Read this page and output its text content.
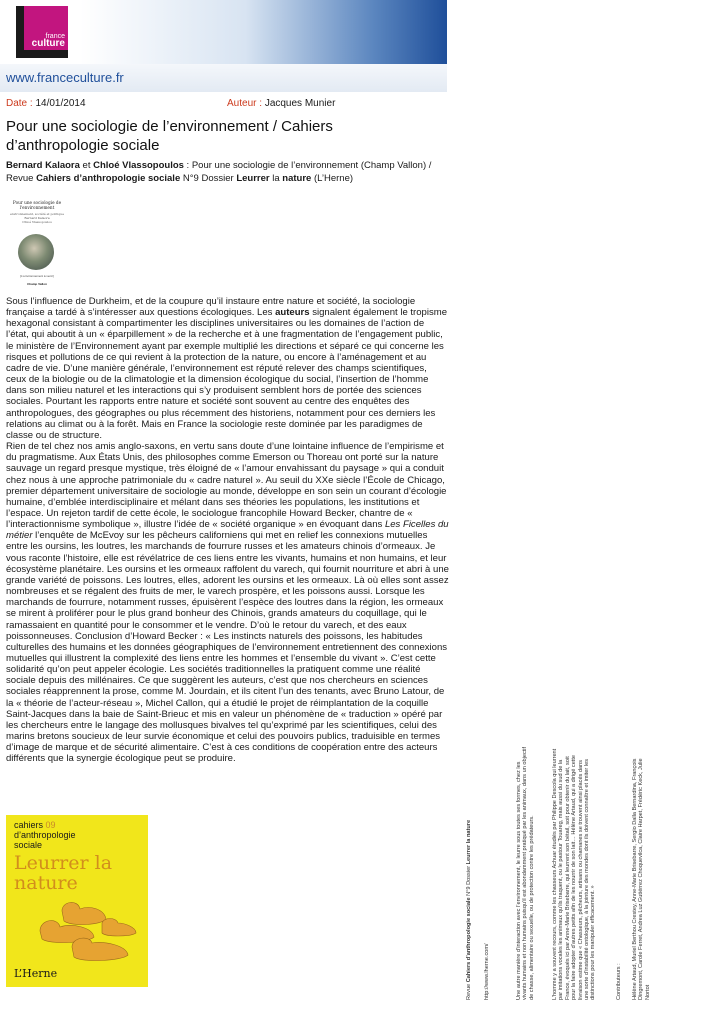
france
culture
www.franceculture.fr
Date : 14/01/2014	Auteur : Jacques Munier
Pour une sociologie de l’environnement / Cahiers d’anthropologie sociale
Bernard Kalaora et Chloé Vlassopoulos : Pour une sociologie de l’environnement (Champ Vallon) / Revue Cahiers d’anthropologie sociale N°9 Dossier Leurrer la nature (L’Herne)
Pour une sociologie de l'environnement
environnement, société et politique
Bernard Kalaora
Chloé Vlassopoulos
[L’environnement à venir]
Champ Vallon

Sous l’influence de Durkheim, et de la coupure qu’il instaure entre nature et société, la sociologie française a tardé à s’intéresser aux questions écologiques. Les auteurs signalent également le tropisme hexagonal consistant à compartimenter les disciplines universitaires ou les domaines de l’action de l’état, qui aboutit à un « éparpillement » de la recherche et à une fragmentation de l’engagement public, le ministère de l’Environnement ayant par exemple multiplié les directions et séparé ce qui concerne les risques et pollutions de ce qui revient à la protection de la nature, ou encore à l’aménagement et au cadre de vie. D’une manière générale, l’environnement est réputé relever des champs scientifiques, ceux de la biologie ou de la climatologie et la dimension écologique du social, l’insertion de l’homme dans son milieu naturel et les interactions qui s’y produisent semblent hors de portée des sciences sociales. Pourtant les rapports entre nature et société sont souvent au centre des enquêtes des anthropologues, des géographes ou plus récemment des historiens, notamment pour ces derniers les relations au climat ou à la forêt. Mais en France la sociologie reste dominée par les paradigmes de classe ou de structure.

Rien de tel chez nos amis anglo-saxons, en vertu sans doute d’une lointaine influence de l’empirisme et du pragmatisme. Aux États Unis, des philosophes comme Emerson ou Thoreau ont porté sur la nature sauvage un regard presque mystique, très éloigné de « l’amour envahissant du paysage » qui a conduit chez nous à une approche patrimoniale du « cadre naturel ». Au seuil du XXe siècle l’École de Chicago, premier département universitaire de sociologie au monde, développe en son sein un courant d’écologie humaine, d’emblée interdisciplinaire et mélant dans ses théories les populations, les institutions et l’espace. Un rejeton tardif de cette école, le sociologue francophile Howard Becker, chantre de « l’interactionnisme symbolique », illustre l’idée de « société organique » en évoquant dans Les Ficelles du métier l’enquête de McEvoy sur les pêcheurs californiens qui met en relief les connexions mutuelles entre les oursins, les loutres, les marchands de fourrure russes et les amateurs chinois d’ormeaux. Je vous raconte l’histoire, elle est révélatrice de ces liens entre les vivants, humains et non humains, et leur écosystème planétaire. Les oursins et les ormeaux raffolent du varech, qui fournit nourriture et abri à une grande variété de poissons. Les loutres, elles, adorent les oursins et les ormeaux. Là où elles sont assez nombreuses et se régalent des fruits de mer, le varech prospère, et les poissons aussi. Lorsque les marchands de fourrure, notamment russes, épuisèrent l’espèce des loutres dans la région, les ormeaux se mirent à proliférer pour le plus grand bonheur des Chinois, grands amateurs du coquillage, qui le ramassaient en quantité pour le consommer et le vendre. D’où le retour du varech, et des eaux poissonneuses. Conclusion d’Howard Becker : « Les instincts naturels des poissons, les habitudes culturelles des humains et les données géographiques de l’environnement entretiennent des connexions mutuelles qui illustrent la complexité des liens entre les hommes et l’ensemble du vivant ». C’est cette solidarité qu’on peut appeler écologie. Les sociétés traditionnelles la pratiquent comme une réalité sociale depuis des millénaires. Ce que suggèrent les auteurs, c’est que nos chercheurs en sciences sociales réapprennent la prose, comme M. Jourdain, et ils citent l’un des tenants, avec Bruno Latour, de la « théorie de l’acteur-réseau », Michel Callon, qui a étudié le projet de réimplantation de la coquille Saint-Jacques dans la baie de Saint-Brieuc et mis en valeur un phénomène de « traduction » opéré par les chercheurs entre le langage des mollusques bivalves tel qu’exprimé par les scientifiques, celui des marins bretons soucieux de leur survie économique et celui des pouvoirs publics, traduisible en termes d’image de marque et de sécurité alimentaire. C’est à ces conditions de coopération entre des acteurs différents que la synergie écologique peut se produire.

cahiers 09
d’anthropologie
sociale
Leurrer la
nature
L’Herne
Revue Cahiers d’anthropologie sociale N°9 Dossier Leurrer la nature
http://www.lherne.com/	Une autre manière d’interaction avec l’environnement, le leurre sous toutes ses formes, chez les vivants humains et non humains puisqu’il est abondamment pratiqué par les animaux, dans un objectif de chasse, alimentaire ou sexuelle, ou de protection contre les prédateurs.	L’homme y a souvent recours, comme les chasseurs Achuar étudiés par Philippe Descola qui leurrent par imitations vocales les animaux qu’ils traquent, ou le pastour Touareg, mais aussi du sud de la France, évoqués ici par Anne-Marie Brisebarre, qui leurrent son bétail, soit pour obtenir du lait, soit pour la faire adopter d’autres petits afin de les nourrir de son lait… Hélène Artaud, qui a dirigé cette livraison estime que « Chasseurs, pêcheurs, artisans ou chamanes se trouvent ainsi placés dans une sorte d’instabilité ontologique, à la jointure des mondes dont ils doivent connaître et imiter les distinctions pour les manipuler efficacement. »	Contributeurs : Hélène Artaud, Muriel Berthou Crestey, Anne-Marie Brisebarre, Sergio Dalla Bernardina, François Dingremont, Carole Ferret, Andrea Luz Gutiérrez Choquevilca, Claire Harpet, Frédéric Keck, Julie Nortot
